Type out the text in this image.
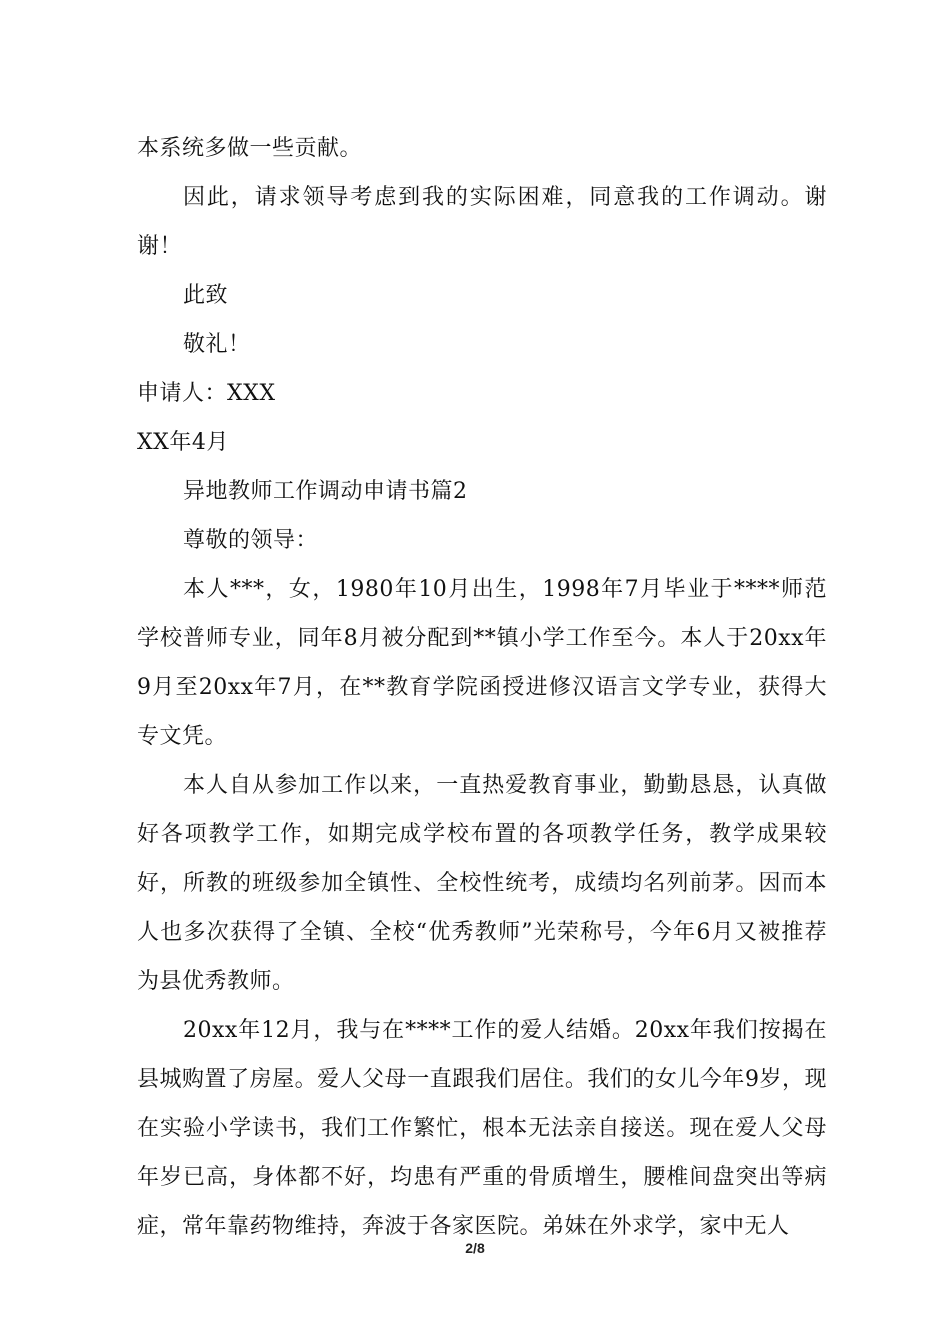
本系统多做一些贡献。

因此，请求领导考虑到我的实际困难，同意我的工作调动。谢谢！

此致

敬礼！

申请人：XXX

XX年4月

异地教师工作调动申请书篇2

尊敬的领导：

本人***，女，1980年10月出生，1998年7月毕业于****师范学校普师专业，同年8月被分配到**镇小学工作至今。本人于20xx年9月至20xx年7月，在**教育学院函授进修汉语言文学专业，获得大专文凭。

本人自从参加工作以来，一直热爱教育事业，勤勤恳恳，认真做好各项教学工作，如期完成学校布置的各项教学任务，教学成果较好，所教的班级参加全镇性、全校性统考，成绩均名列前茅。因而本人也多次获得了全镇、全校“优秀教师”光荣称号，今年6月又被推荐为县优秀教师。

20xx年12月，我与在****工作的爱人结婚。20xx年我们按揭在县城购置了房屋。爱人父母一直跟我们居住。我们的女儿今年9岁，现在实验小学读书，我们工作繁忙，根本无法亲自接送。现在爱人父母年岁已高，身体都不好，均患有严重的骨质增生，腰椎间盘突出等病症，常年靠药物维持，奔波于各家医院。弟妹在外求学，家中无人

2/8
